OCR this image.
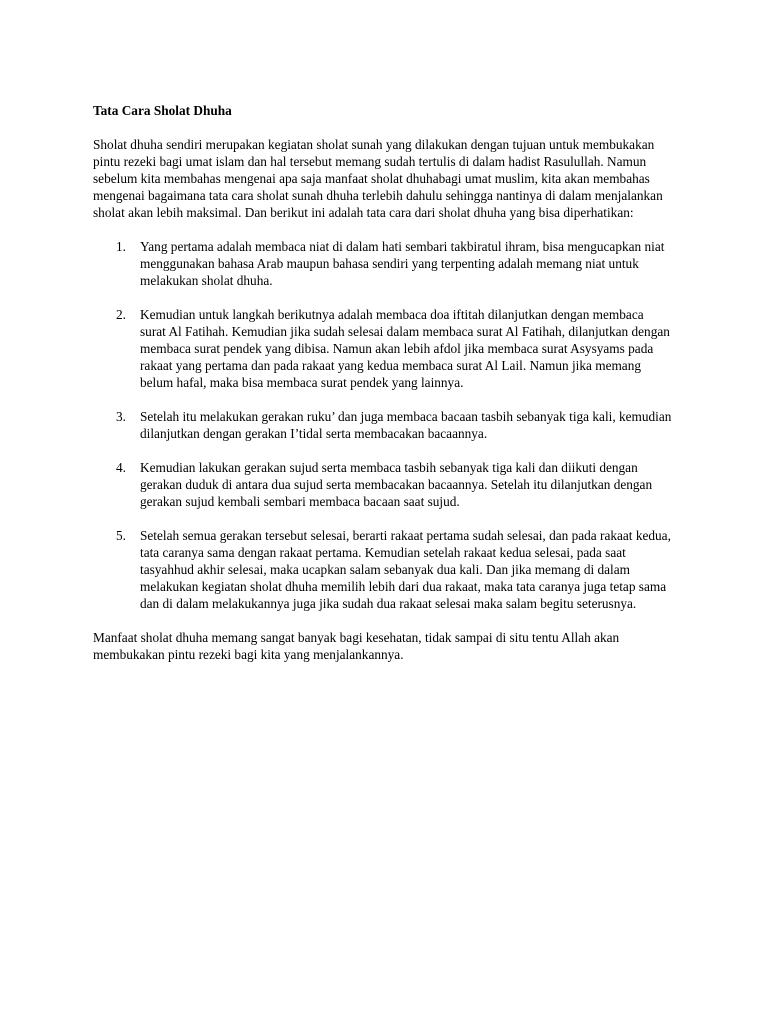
Tata Cara Sholat Dhuha

Sholat dhuha sendiri merupakan kegiatan sholat sunah yang dilakukan dengan tujuan untuk membukakan pintu rezeki bagi umat islam dan hal tersebut memang sudah tertulis di dalam hadist Rasulullah. Namun sebelum kita membahas mengenai apa saja manfaat sholat dhuhabagi umat muslim, kita akan membahas mengenai bagaimana tata cara sholat sunah dhuha terlebih dahulu sehingga nantinya di dalam menjalankan sholat akan lebih maksimal. Dan berikut ini adalah tata cara dari sholat dhuha yang bisa diperhatikan:

1. Yang pertama adalah membaca niat di dalam hati sembari takbiratul ihram, bisa mengucapkan niat menggunakan bahasa Arab maupun bahasa sendiri yang terpenting adalah memang niat untuk melakukan sholat dhuha.
2. Kemudian untuk langkah berikutnya adalah membaca doa iftitah dilanjutkan dengan membaca surat Al Fatihah. Kemudian jika sudah selesai dalam membaca surat Al Fatihah, dilanjutkan dengan membaca surat pendek yang dibisa. Namun akan lebih afdol jika membaca surat Asysyams pada rakaat yang pertama dan pada rakaat yang kedua membaca surat Al Lail. Namun jika memang belum hafal, maka bisa membaca surat pendek yang lainnya.
3. Setelah itu melakukan gerakan ruku’ dan juga membaca bacaan tasbih sebanyak tiga kali, kemudian dilanjutkan dengan gerakan I’tidal serta membacakan bacaannya.
4. Kemudian lakukan gerakan sujud serta membaca tasbih sebanyak tiga kali dan diikuti dengan gerakan duduk di antara dua sujud serta membacakan bacaannya. Setelah itu dilanjutkan dengan gerakan sujud kembali sembari membaca bacaan saat sujud.
5. Setelah semua gerakan tersebut selesai, berarti rakaat pertama sudah selesai, dan pada rakaat kedua, tata caranya sama dengan rakaat pertama. Kemudian setelah rakaat kedua selesai, pada saat tasyahhud akhir selesai, maka ucapkan salam sebanyak dua kali. Dan jika memang di dalam melakukan kegiatan sholat dhuha memilih lebih dari dua rakaat, maka tata caranya juga tetap sama dan di dalam melakukannya juga jika sudah dua rakaat selesai maka salam begitu seterusnya.

Manfaat sholat dhuha memang sangat banyak bagi kesehatan, tidak sampai di situ tentu Allah akan membukakan pintu rezeki bagi kita yang menjalankannya.
